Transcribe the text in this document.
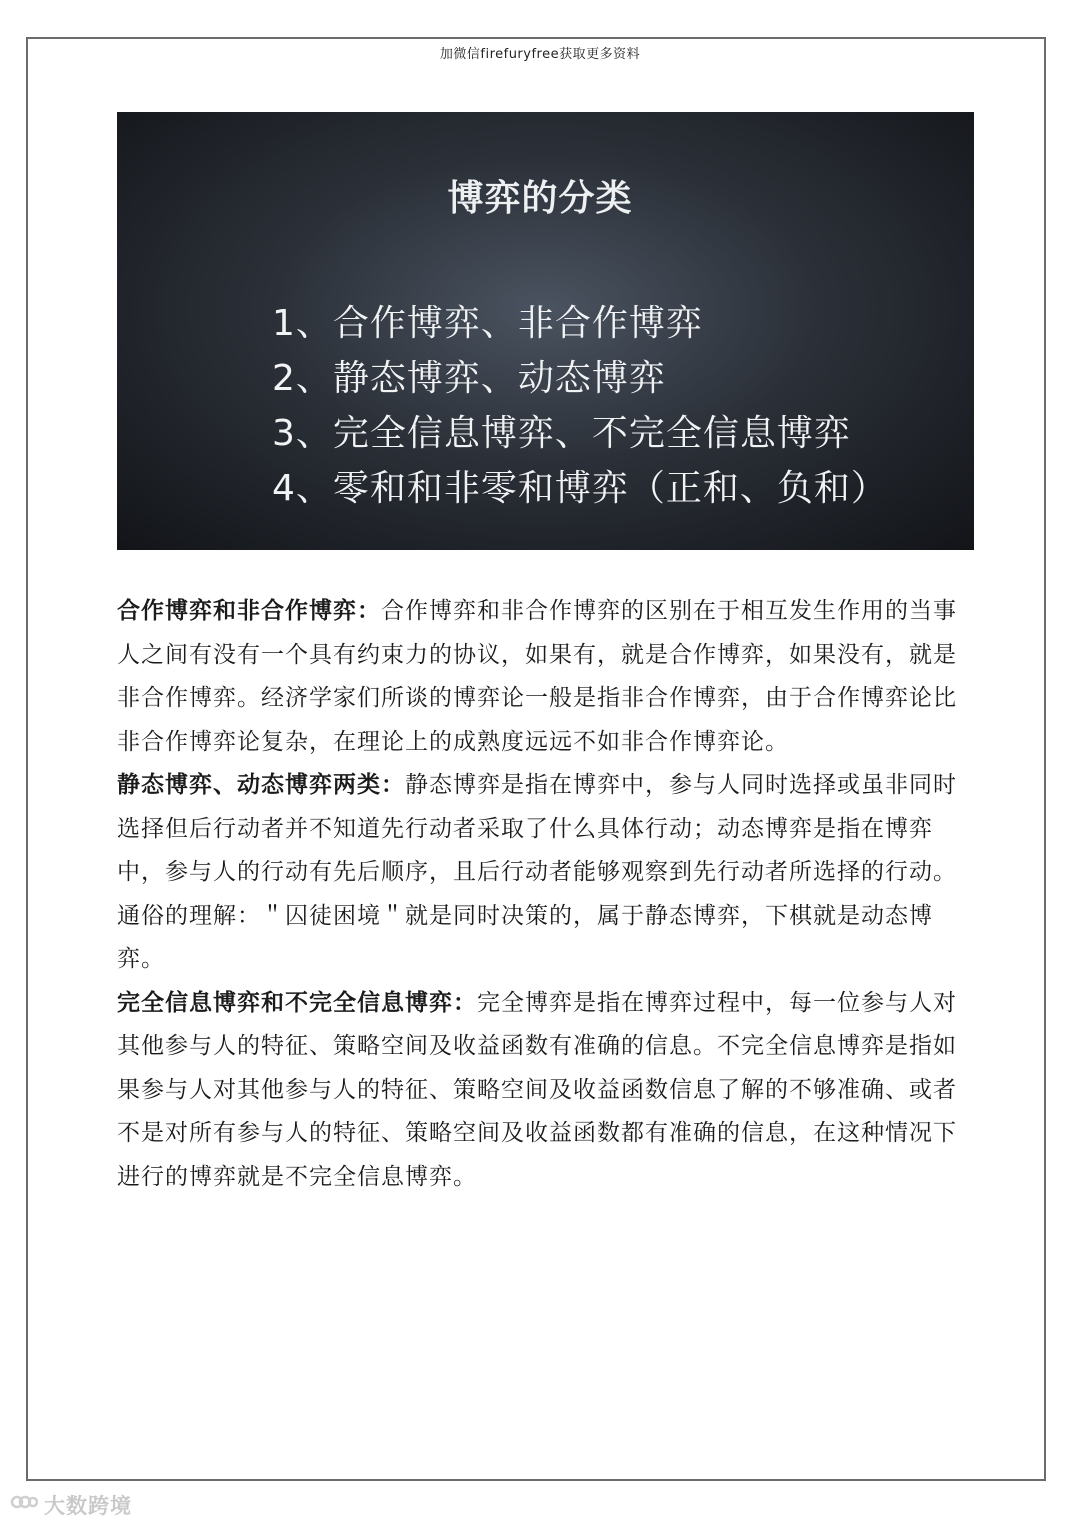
加微信firefuryfree获取更多资料
博弈的分类
1、合作博弈、非合作博弈
2、静态博弈、动态博弈
3、完全信息博弈、不完全信息博弈
4、零和和非零和博弈（正和、负和）

合作博弈和非合作博弈：合作博弈和非合作博弈的区别在于相互发生作用的当事人之间有没有一个具有约束力的协议，如果有，就是合作博弈，如果没有，就是非合作博弈。经济学家们所谈的博弈论一般是指非合作博弈，由于合作博弈论比非合作博弈论复杂，在理论上的成熟度远远不如非合作博弈论。

静态博弈、动态博弈两类：静态博弈是指在博弈中，参与人同时选择或虽非同时选择但后行动者并不知道先行动者采取了什么具体行动；动态博弈是指在博弈中，参与人的行动有先后顺序，且后行动者能够观察到先行动者所选择的行动。通俗的理解：＂囚徒困境＂就是同时决策的，属于静态博弈，下棋就是动态博弈。

完全信息博弈和不完全信息博弈：完全博弈是指在博弈过程中，每一位参与人对其他参与人的特征、策略空间及收益函数有准确的信息。不完全信息博弈是指如果参与人对其他参与人的特征、策略空间及收益函数信息了解的不够准确、或者不是对所有参与人的特征、策略空间及收益函数都有准确的信息，在这种情况下进行的博弈就是不完全信息博弈。

大数跨境
